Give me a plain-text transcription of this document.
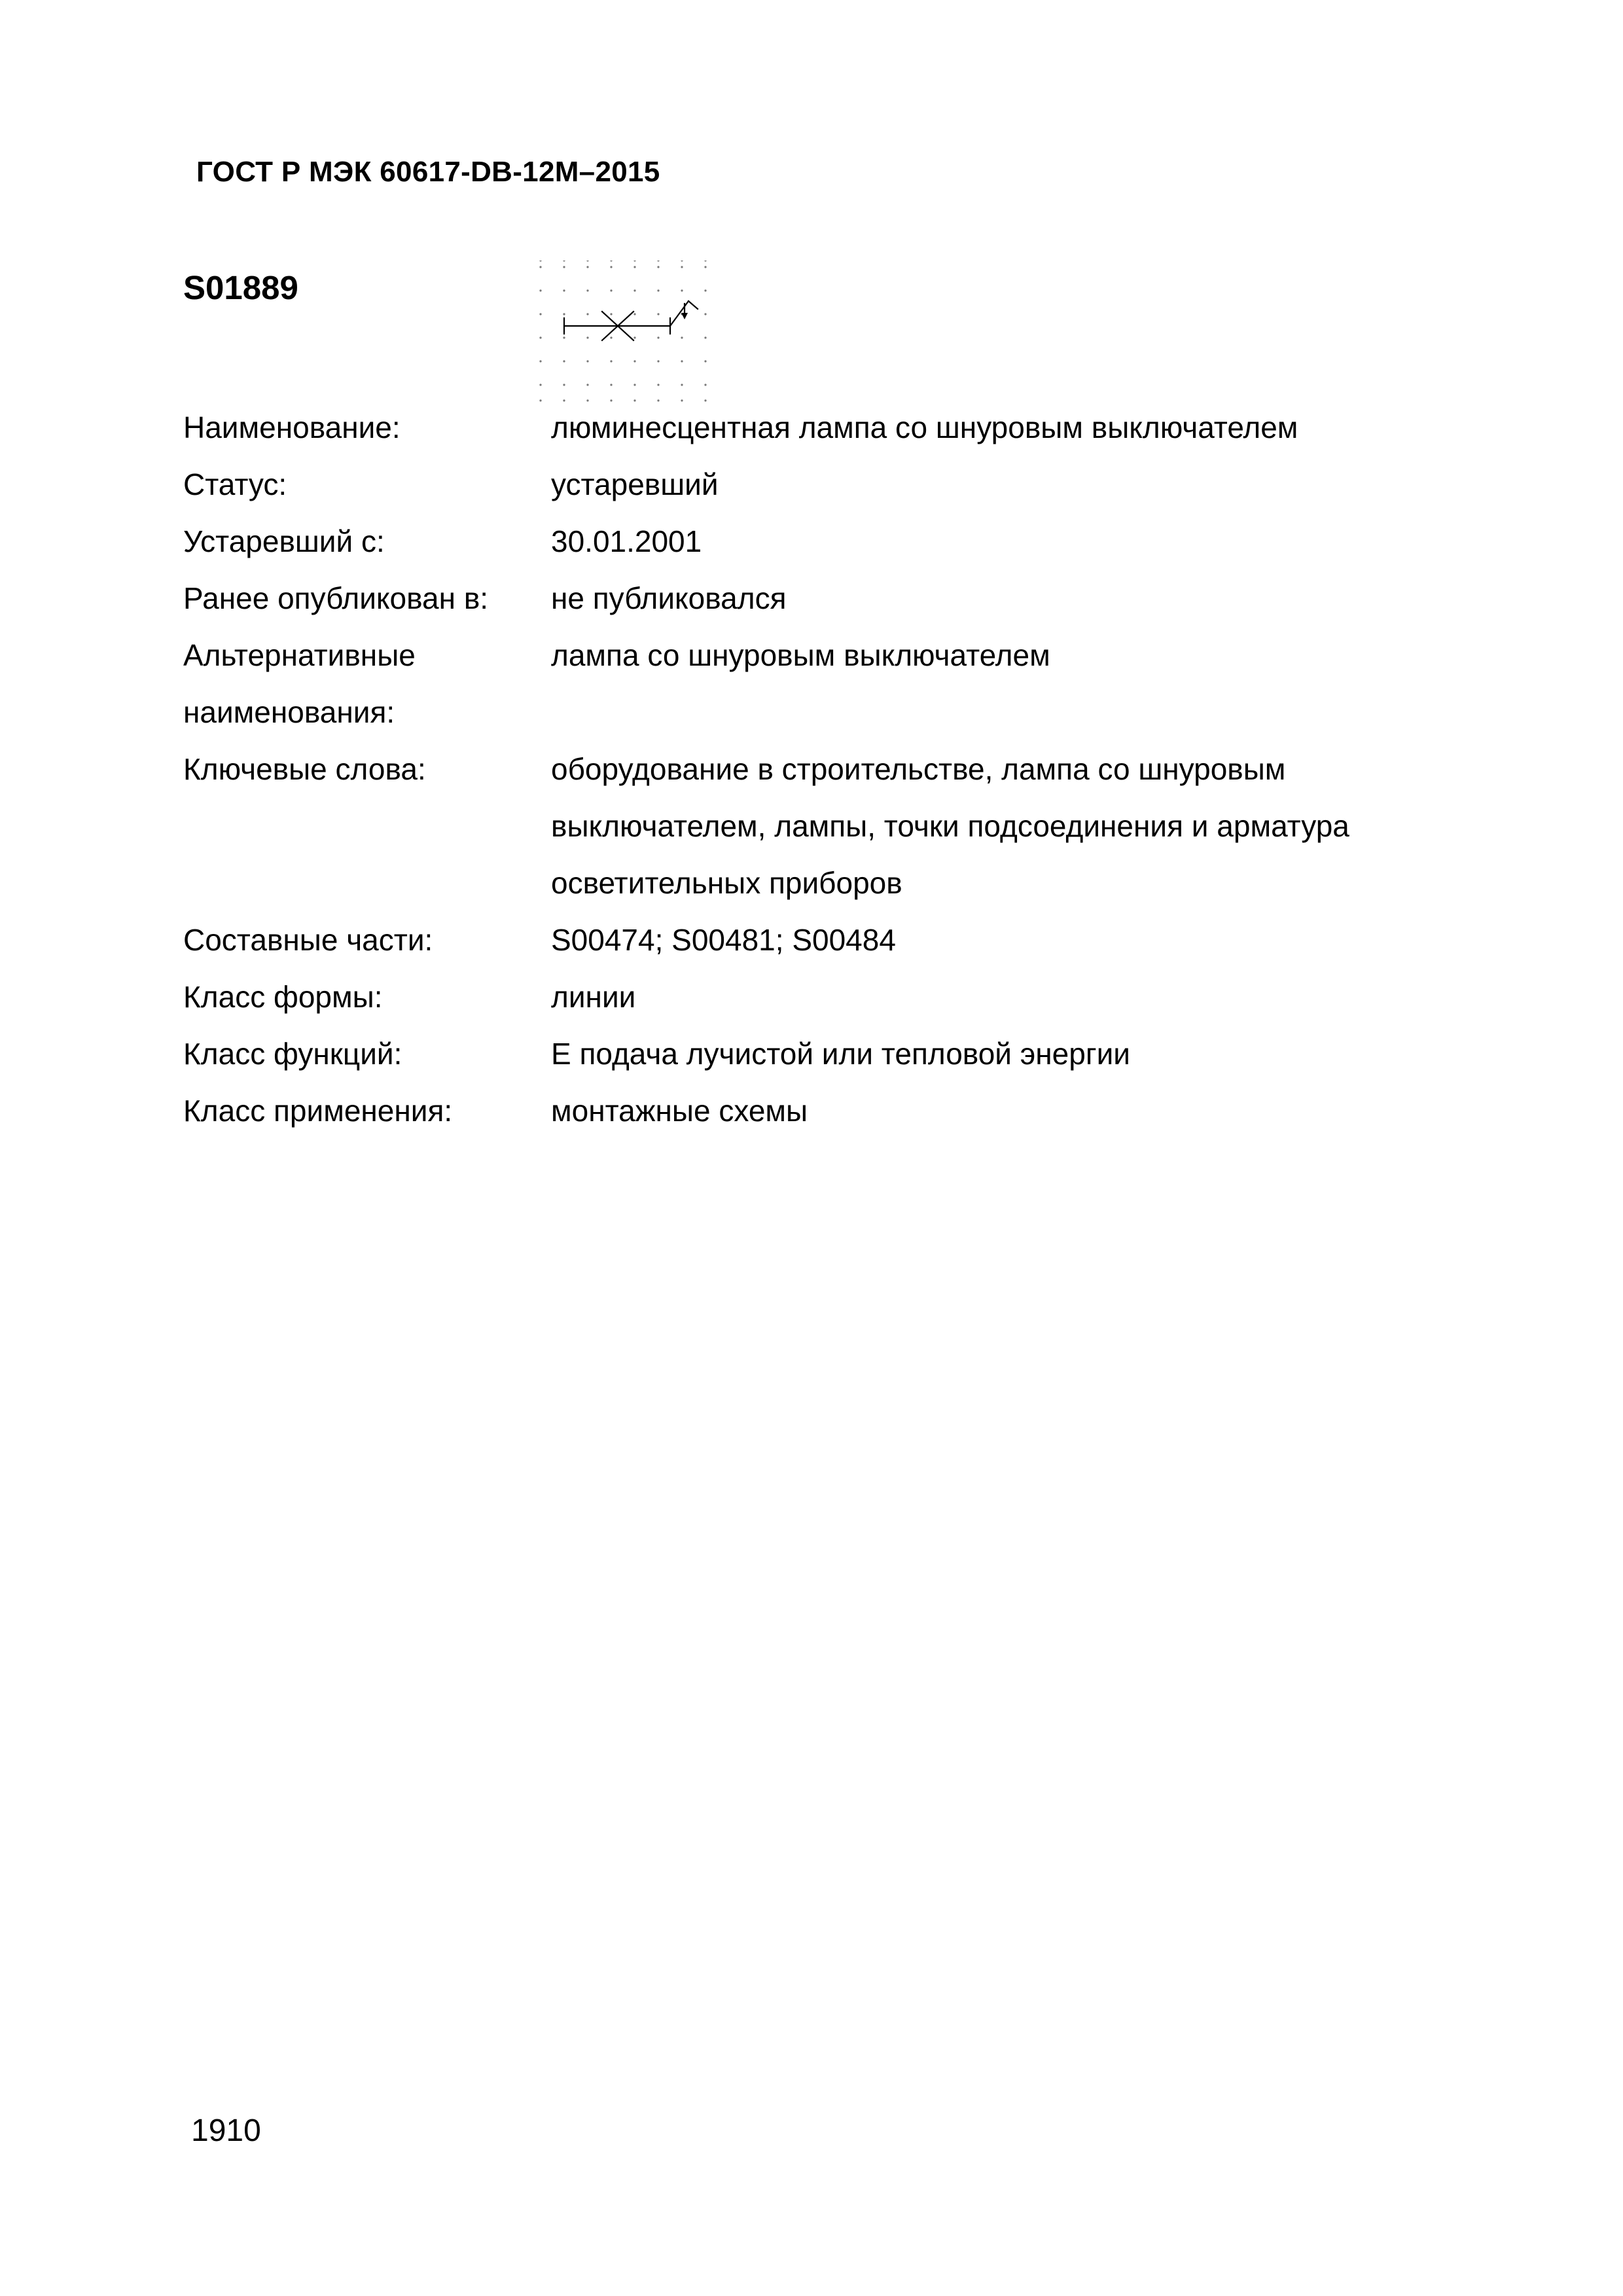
ГОСТ Р МЭК 60617-DB-12M–2015
S01889
Наименование:	люминесцентная лампа со шнуровым выключателем
Статус:	устаревший
Устаревший с:	30.01.2001
Ранее опубликован в:	не публиковался
Альтернативные наименования:
лампа со шнуровым выключателем
Ключевые слова:	оборудование в строительстве, лампа со шнуровым выключателем, лампы, точки подсоединения и арматура осветительных приборов
Составные части:	S00474; S00481; S00484
Класс формы:	линии
Класс функций:	E подача лучистой или тепловой энергии
Класс применения:	монтажные схемы
1910
